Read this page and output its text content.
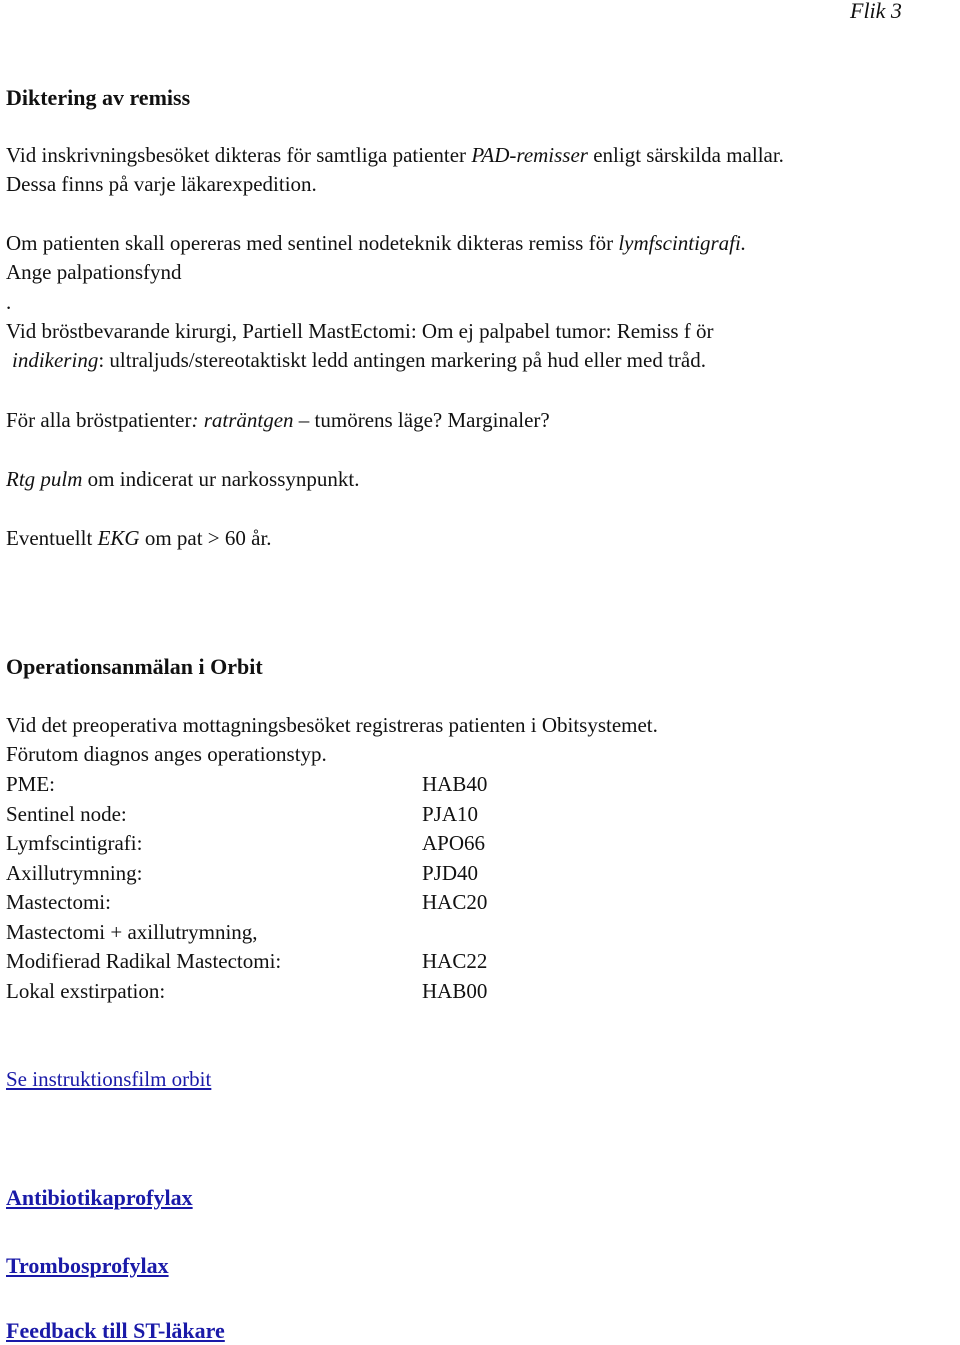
Flik 3
Diktering av remiss
Vid inskrivningsbesöket dikteras för samtliga patienter PAD-remisser enligt särskilda mallar.
Dessa finns på varje läkarexpedition.
Om patienten skall opereras med sentinel nodeteknik dikteras remiss för lymfscintigrafi.
Ange palpationsfynd
.
Vid bröstbevarande kirurgi, Partiell MastEctomi: Om ej palpabel tumor: Remiss f ör
indikering: ultraljuds/stereotaktiskt ledd antingen markering på hud eller med tråd.
För alla bröstpatienter: raträntgen – tumörens läge? Marginaler?
Rtg pulm om indicerat ur narkossynpunkt.
Eventuellt EKG om pat > 60 år.
Operationsanmälan i Orbit
Vid det preoperativa mottagningsbesöket registreras patienten i Obitsystemet.
Förutom diagnos anges operationstyp.
PME:	HAB40
Sentinel node:	PJA10
Lymfscintigrafi:	APO66
Axillutrymning:	PJD40
Mastectomi:	HAC20
Mastectomi + axillutrymning,
Modifierad Radikal Mastectomi:	HAC22
Lokal exstirpation:	HAB00
Se instruktionsfilm orbit
Antibiotikaprofylax
Trombosprofylax
Feedback till ST-läkare
